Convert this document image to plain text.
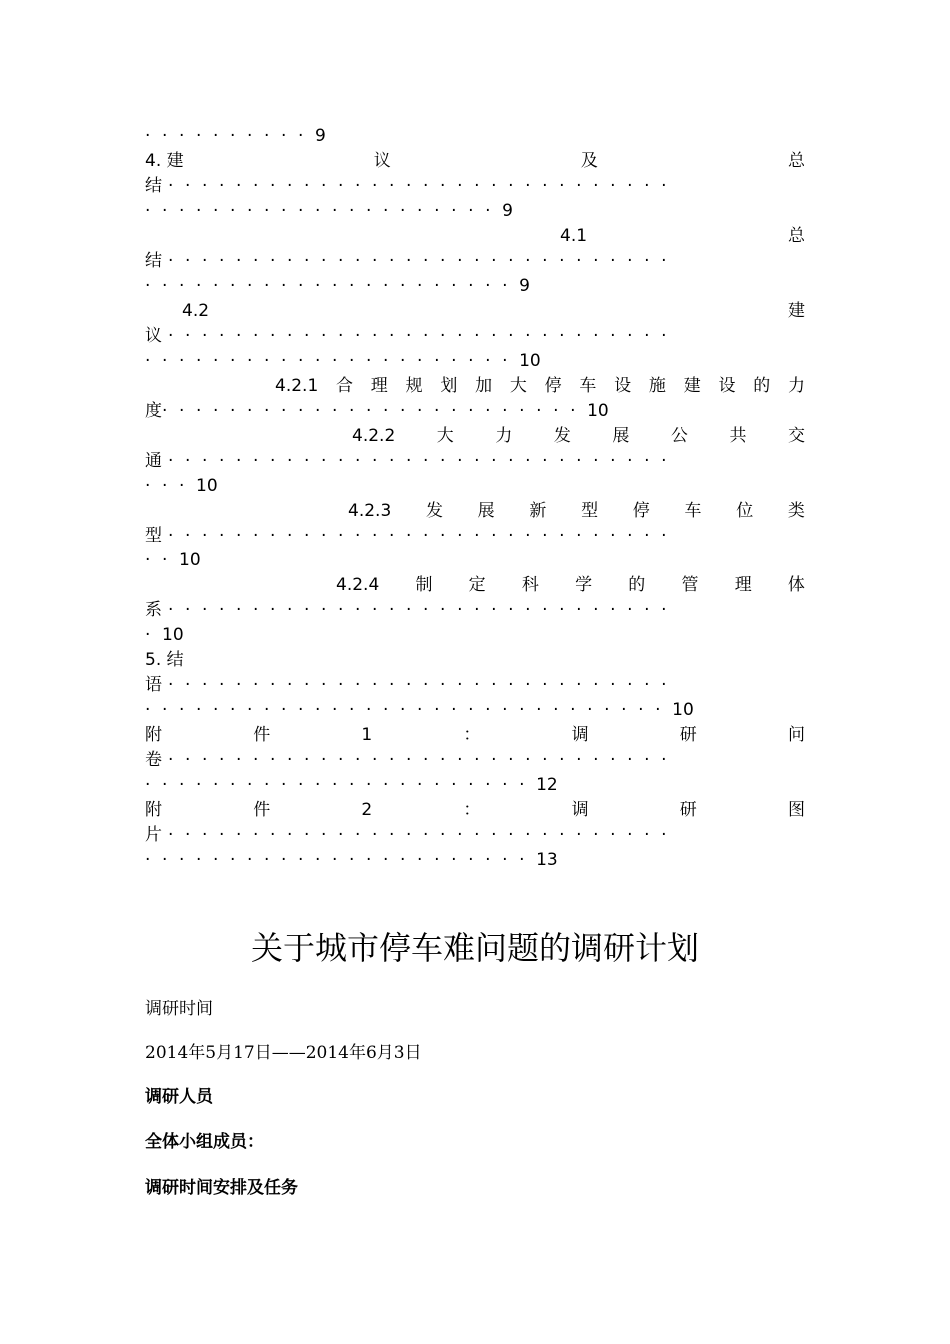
··········9
4. 建	议	及	总
结 ······························
·····················9
4.1	总
结 ······························
······················9
4.2	建
议 ······························
······················10
4.2.1 合 理 规 划 加 大 停 车 设 施 建 设 的 力
度·························10
4.2.2 大 力 发 展 公 共 交
通 ······························
···10
4.2.3 发 展 新 型 停 车 位 类
型 ······························
··10
4.2.4 制 定 科 学 的 管 理 体
系 ······························
·10
5. 结
语 ······························
·······························10
附	件	1	：	调	研	问
卷 ······························
·······················12
附	件	2	：	调	研	图
片 ······························
·······················13
关于城市停车难问题的调研计划
调研时间
2014年5月17日——2014年6月3日
调研人员
全体小组成员：
调研时间安排及任务
